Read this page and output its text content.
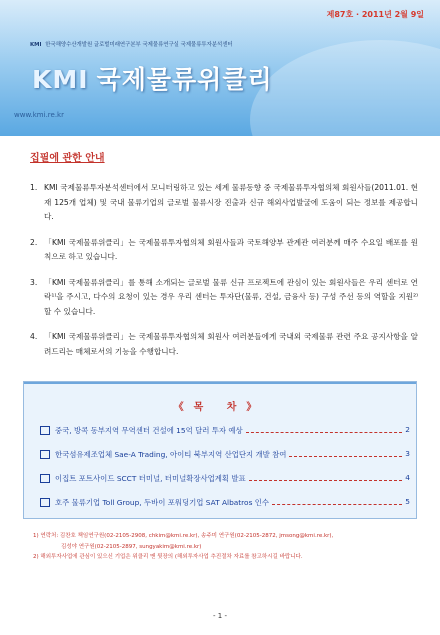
제87호 · 2011년 2월 9일
KMI 한국해양수산개발원 글로벌미래연구본부 국제물류연구실 국제물류투자분석센터
KMI 국제물류위클리
www.kmi.re.kr
집필에 관한 안내
1. KMI 국제물류투자분석센터에서 모니터링하고 있는 세계 물류동향 중 국제물류투자협의체 회원사들(2011.01. 현재 125개 업체) 및 국내 물류기업의 글로벌 물류시장 진출과 신규 해외사업발굴에 도움이 되는 정보를 제공합니다.
2. 「KMI 국제물류위클리」는 국제물류투자협의체 회원사들과 국토해양부 관계관 여러분께 매주 수요일 배포를 원칙으로 하고 있습니다.
3. 「KMI 국제물류위클리」를 통해 소개되는 글로벌 물류 신규 프로젝트에 관심이 있는 회원사들은 우리 센터로 연락¹⁾을 주시고, 다수의 요청이 있는 경우 우리 센터는 투자단(물류, 건설, 금융사 등) 구성 주선 등의 역할을 지원²⁾할 수 있습니다.
4. 「KMI 국제물류위클리」는 국제물류투자협의체 회원사 여러분들에게 국내외 국제물류 관련 주요 공지사항을 알려드리는 매체로서의 기능을 수행합니다.
《목 차》
중국, 방콕 동부지역 무역센터 건설에 15억 달러 투자 예상	2
한국섬유제조업체 Sae-A Trading, 아이티 북부지역 산업단지 개발 참여	3
이집트 포트사이드 SCCT 터미널, 터미널확장사업계획 발표	4
호주 물류기업 Toll Group, 두바이 포워딩기업 SAT Albatros 인수	5
1) 연락처: 김찬호 책임연구원(02-2105-2908, chkim@kmi.re.kr), 송주미 연구원(02-2105-2872, jmsong@kmi.re.kr),
김성야 연구원(02-2105-2897, sungyakim@kmi.re.kr)
2) 해외투자사업에 관심이 있으신 기업은 위클리 맨 뒷장의 (해외투자사업 추진절차 자료를 참고하시길 바랍니다.
- 1 -
